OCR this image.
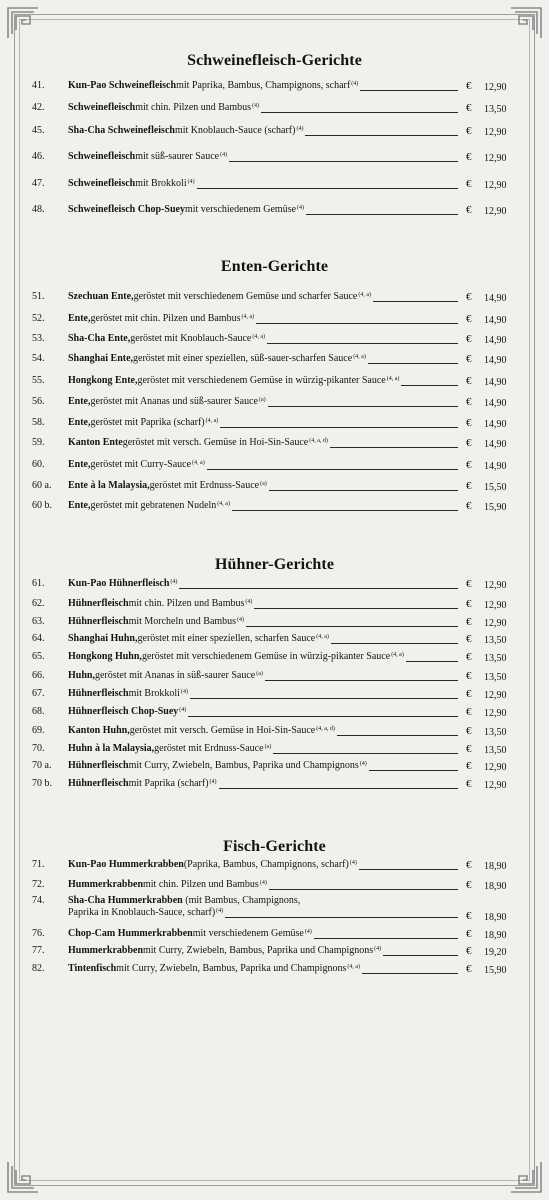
Schweinefleisch-Gerichte
41.	Kun-Pao Schweinefleisch mit Paprika, Bambus, Champignons, scharf$^{(4)}$	€ 12,90
42.	Schweinefleisch mit chin. Pilzen und Bambus$^{(4)}$	€ 13,50
45.	Sha-Cha Schweinefleisch mit Knoblauch-Sauce (scharf)$^{(4)}$	€ 12,90
46.	Schweinefleisch mit süß-saurer Sauce$^{(4)}$	€ 12,90
47.	Schweinefleisch mit Brokkoli$^{(4)}$	€ 12,90
48.	Schweinefleisch Chop-Suey mit verschiedenem Gemüse$^{(4)}$	€ 12,90
Enten-Gerichte
51.	Szechuan Ente, geröstet mit verschiedenem Gemüse und scharfer Sauce$^{(4, a)}$	€ 14,90
52.	Ente, geröstet mit chin. Pilzen und Bambus$^{(4, a)}$	€ 14,90
53.	Sha-Cha Ente, geröstet mit Knoblauch-Sauce$^{(4, a)}$	€ 14,90
54.	Shanghai Ente, geröstet mit einer speziellen, süß-sauer-scharfen Sauce$^{(4, a)}$	€ 14,90
55.	Hongkong Ente, geröstet mit verschiedenem Gemüse in würzig-pikanter Sauce$^{(4, a)}$	€ 14,90
56.	Ente, geröstet mit Ananas und süß-saurer Sauce$^{(a)}$	€ 14,90
58.	Ente, geröstet mit Paprika (scharf)$^{(4, a)}$	€ 14,90
59.	Kanton Ente geröstet mit versch. Gemüse in Hoi-Sin-Sauce$^{(4, a, d)}$	€ 14,90
60.	Ente, geröstet mit Curry-Sauce$^{(4, a)}$	€ 14,90
60 a.	Ente à la Malaysia, geröstet mit Erdnuss-Sauce$^{(a)}$	€ 15,50
60 b.	Ente, geröstet mit gebratenen Nudeln$^{(4, a)}$	€ 15,90
Hühner-Gerichte
61.	Kun-Pao Hühnerfleisch$^{(4)}$	€ 12,90
62.	Hühnerfleisch mit chin. Pilzen und Bambus$^{(4)}$	€ 12,90
63.	Hühnerfleisch mit Morcheln und Bambus$^{(4)}$	€ 12,90
64.	Shanghai Huhn, geröstet mit einer speziellen, scharfen Sauce$^{(4, a)}$	€ 13,50
65.	Hongkong Huhn, geröstet mit verschiedenem Gemüse in würzig-pikanter Sauce$^{(4, a)}$	€ 13,50
66.	Huhn, geröstet mit Ananas in süß-saurer Sauce$^{(a)}$	€ 13,50
67.	Hühnerfleisch mit Brokkoli$^{(4)}$	€ 12,90
68.	Hühnerfleisch Chop-Suey$^{(4)}$	€ 12,90
69.	Kanton Huhn, geröstet mit versch. Gemüse in Hoi-Sin-Sauce$^{(4, a, d)}$	€ 13,50
70.	Huhn à la Malaysia, geröstet mit Erdnuss-Sauce$^{(a)}$	€ 13,50
70 a.	Hühnerfleisch mit Curry, Zwiebeln, Bambus, Paprika und Champignons$^{(4)}$	€ 12,90
70 b.	Hühnerfleisch mit Paprika (scharf)$^{(4)}$	€ 12,90
Fisch-Gerichte
71.	Kun-Pao Hummerkrabben (Paprika, Bambus, Champignons, scharf)$^{(4)}$	€ 18,90
72.	Hummerkrabben mit chin. Pilzen und Bambus$^{(4)}$	€ 18,90
74.	Sha-Cha Hummerkrabben (mit Bambus, Champignons,
Paprika in Knoblauch-Sauce, scharf)$^{(4)}$	€ 18,90
76.	Chop-Cam Hummerkrabben mit verschiedenem Gemüse$^{(4)}$	€ 18,90
77.	Hummerkrabben mit Curry, Zwiebeln, Bambus, Paprika und Champignons$^{(4)}$	€ 19,20
82.	Tintenfisch mit Curry, Zwiebeln, Bambus, Paprika und Champignons$^{(4, a)}$	€ 15,90
